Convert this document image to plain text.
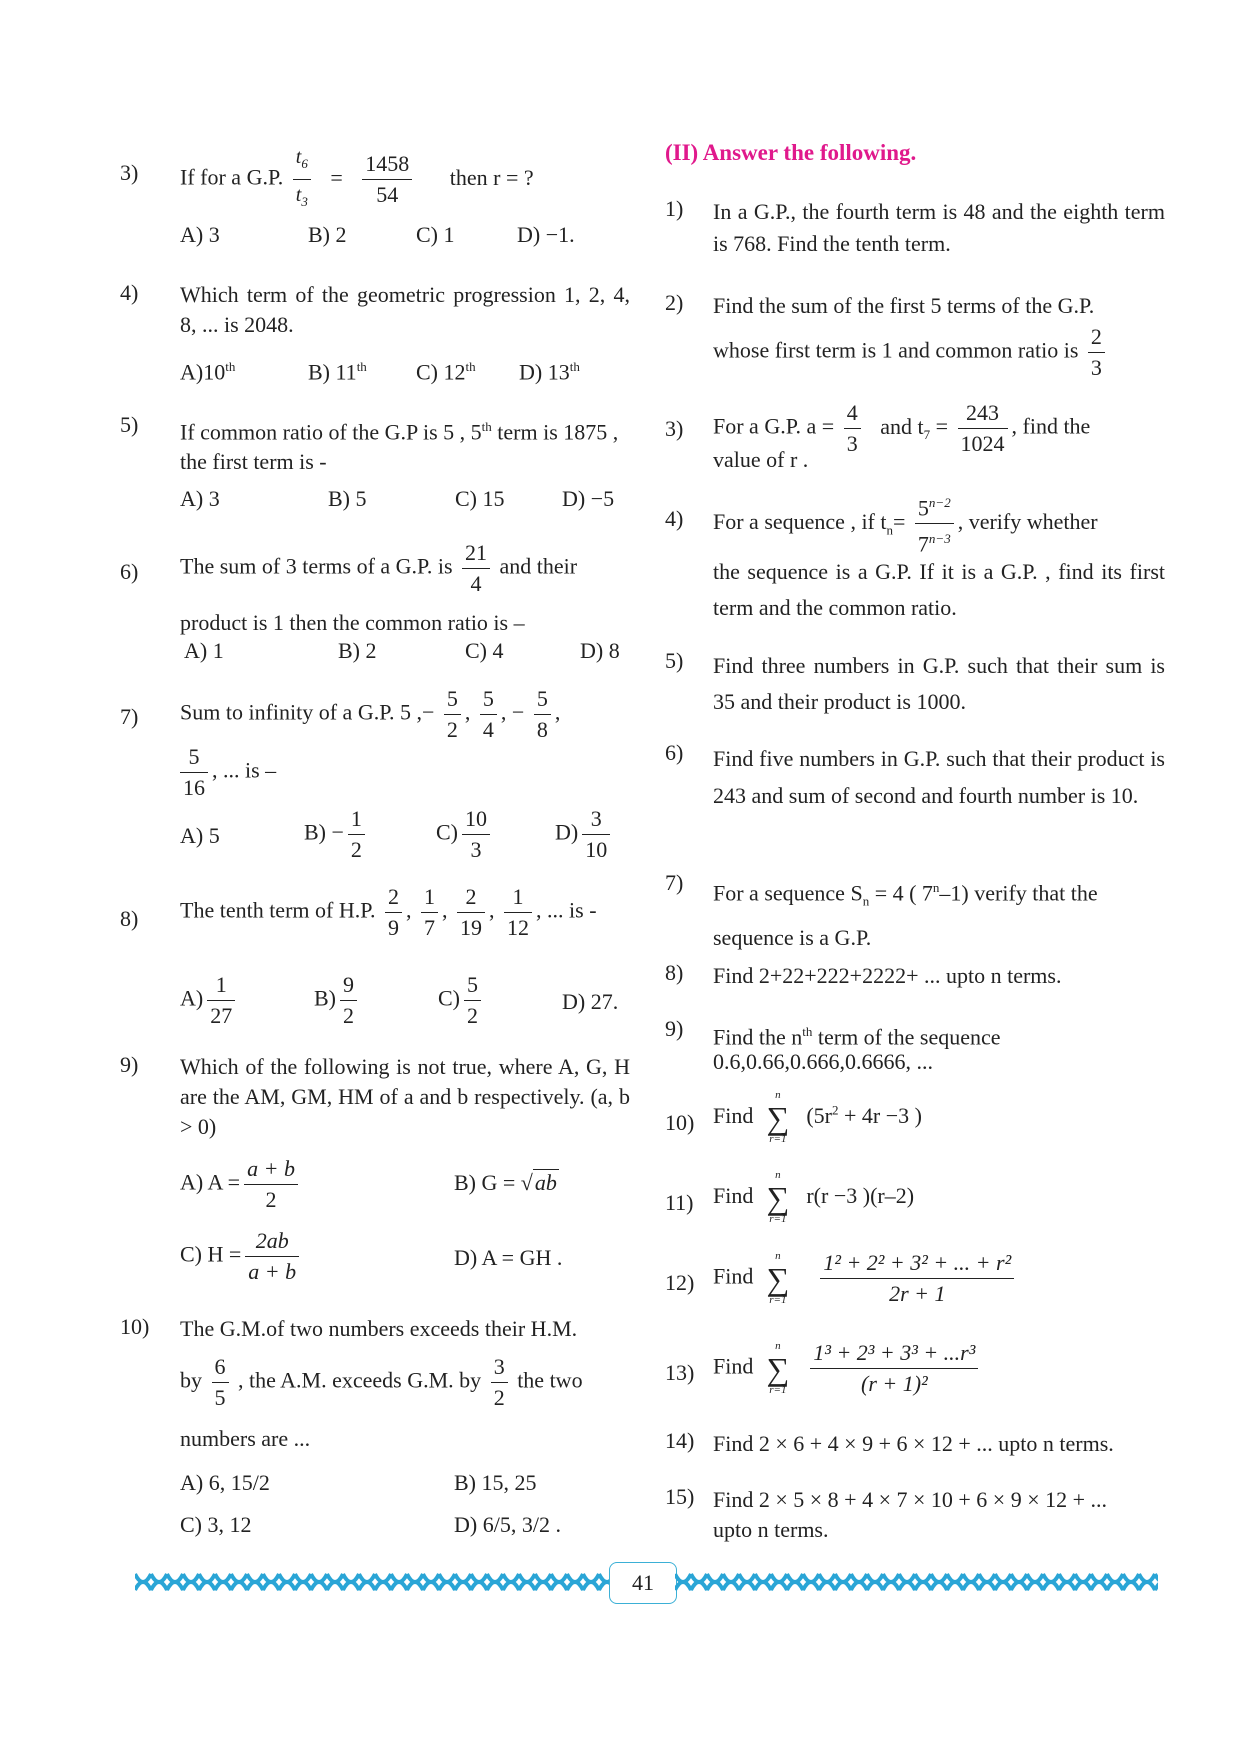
3)	If for a G.P. $\frac{t_6}{t_3} = \frac{1458}{54}$ then r = ?
A) 3	B) 2	C) 1	D) −1.
4)	Which term of the geometric progression 1, 2, 4, 8, ... is 2048.
A)10th	B) 11th C) 12th D) 13th
5)	If common ratio of the G.P is 5 , 5th term is 1875 , the first term is -
A) 3	B) 5	C) 15	D) −5
6)	The sum of 3 terms of a G.P. is $\frac{21}{4}$ and their
product is 1 then the common ratio is –
A) 1	B) 2	C) 4	D) 8
7)	Sum to infinity of a G.P. 5 ,− $\frac{5}{2}$ , $\frac{5}{4}$ , − $\frac{5}{8}$ ,
$\frac{5}{16}$ , ... is –
A) 5	$B) - \frac{1}{2}$	$C) \frac{10}{3}$	$D) \frac{3}{10}$
8)	The tenth term of H.P. $\frac{2}{9}$ , $\frac{1}{7}$ , $\frac{2}{19}$ , $\frac{1}{12}$ , ... is -
$A) \frac{1}{27}$	$B) \frac{9}{2}$	$C) \frac{5}{2}$	D) 27.
9)	Which of the following is not true, where A, G, H are the AM, GM, HM of a and b respectively. (a, b > 0)
A) $A = \frac{a + b}{2}$	B) G = √ab
C) $H = \frac{2ab}{a + b}$	D) A = GH .
10)	The G.M.of two numbers exceeds their H.M.
by $\frac{6}{5}$ , the A.M. exceeds G.M. by $\frac{3}{2}$ the two
numbers are ...
A) 6, 15/2	B) 15, 25
C) 3, 12	D) 6/5, 3/2 .
(II) Answer the following.
1)	In a G.P., the fourth term is 48 and the eighth term is 768. Find the tenth term.
2)	Find the sum of the first 5 terms of the G.P.
whose first term is 1 and common ratio is $\frac{2}{3}$
3)	For a G.P. $a = \frac{4}{3}$ and $t_7 = \frac{243}{1024}$ , find the
value of r .
4)	For a sequence , if $t_n= \frac{5^{n-2}}{7^{n-3}}$ , verify whether
the sequence is a G.P. If it is a G.P. , find its first term and the common ratio.
5)	Find three numbers in G.P. such that their sum is 35 and their product is 1000.
6)	Find five numbers in G.P. such that their product is 243 and sum of second and fourth number is 10.
7)	For a sequence $S_n = 4$ ( 7$^n$–1) verify that the sequence is a G.P.
8)	Find 2+22+222+2222+ ... upto n terms.
9)	Find the $n^{th}$ term of the sequence
0.6,0.66,0.666,0.6666, ...
10) Find
n
∑
r=1
($5r^2 + 4r -3$ )
11) Find
n
∑
r=1
r(r −3 )(r–2)
12) Find
n
∑
r=1
$\frac{\text{1² + 2² + 3² + ... + r²}}{2r + 1}$
13) Find
n
∑
r=1
$\frac{\text{1³ + 2³ + 3³ + ...r³}}{\text{(r + 1)²}}$
14) Find 2 × 6 + 4 × 9 + 6 × 12 + ... upto n terms.
15) Find 2 × 5 × 8 + 4 × 7 × 10 + 6 × 9 × 12 + ...
upto n terms.
41
